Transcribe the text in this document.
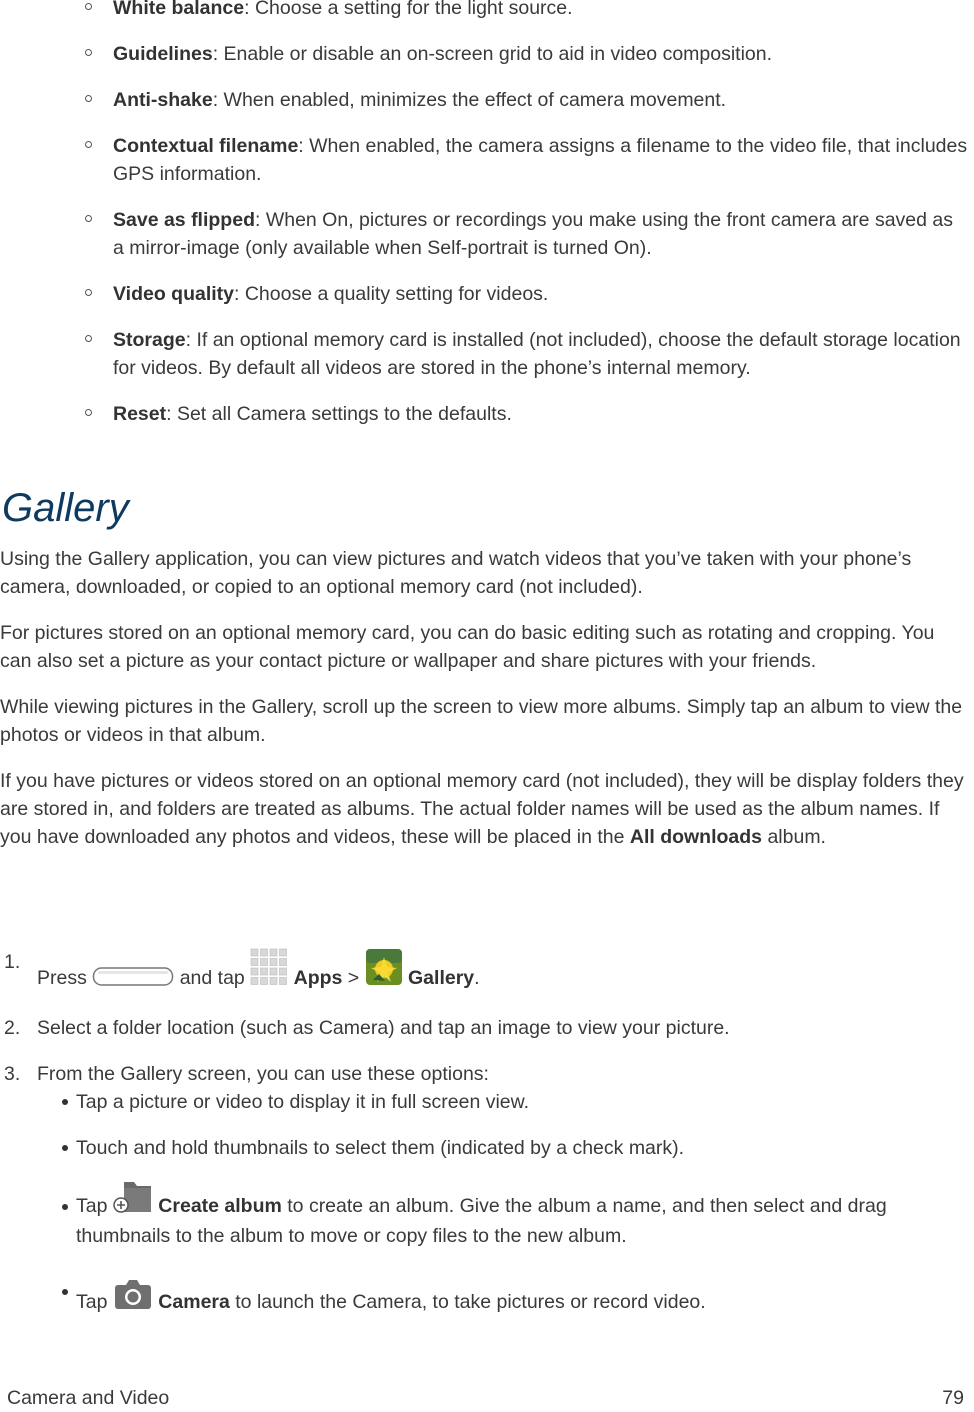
White balance: Choose a setting for the light source.
Guidelines: Enable or disable an on-screen grid to aid in video composition.
Anti-shake: When enabled, minimizes the effect of camera movement.
Contextual filename: When enabled, the camera assigns a filename to the video file, that includes GPS information.
Save as flipped: When On, pictures or recordings you make using the front camera are saved as a mirror-image (only available when Self-portrait is turned On).
Video quality: Choose a quality setting for videos.
Storage: If an optional memory card is installed (not included), choose the default storage location for videos. By default all videos are stored in the phone’s internal memory.
Reset: Set all Camera settings to the defaults.
Gallery

Using the Gallery application, you can view pictures and watch videos that you’ve taken with your phone’s camera, downloaded, or copied to an optional memory card (not included).

For pictures stored on an optional memory card, you can do basic editing such as rotating and cropping. You can also set a picture as your contact picture or wallpaper and share pictures with your friends.

While viewing pictures in the Gallery, scroll up the screen to view more albums. Simply tap an album to view the photos or videos in that album.

If you have pictures or videos stored on an optional memory card (not included), they will be display folders they are stored in, and folders are treated as albums. The actual folder names will be used as the album names. If you have downloaded any photos and videos, these will be placed in the All downloads album.

1.
Press	and tap	Apps >	Gallery.
2. Select a folder location (such as Camera) and tap an image to view your picture.
3. From the Gallery screen, you can use these options:
Tap a picture or video to display it in full screen view.
Touch and hold thumbnails to select them (indicated by a check mark).
Tap	Create album to create an album. Give the album a name, and then select and drag thumbnails to the album to move or copy files to the new album.
Tap	Camera to launch the Camera, to take pictures or record video.
Camera and Video	79
